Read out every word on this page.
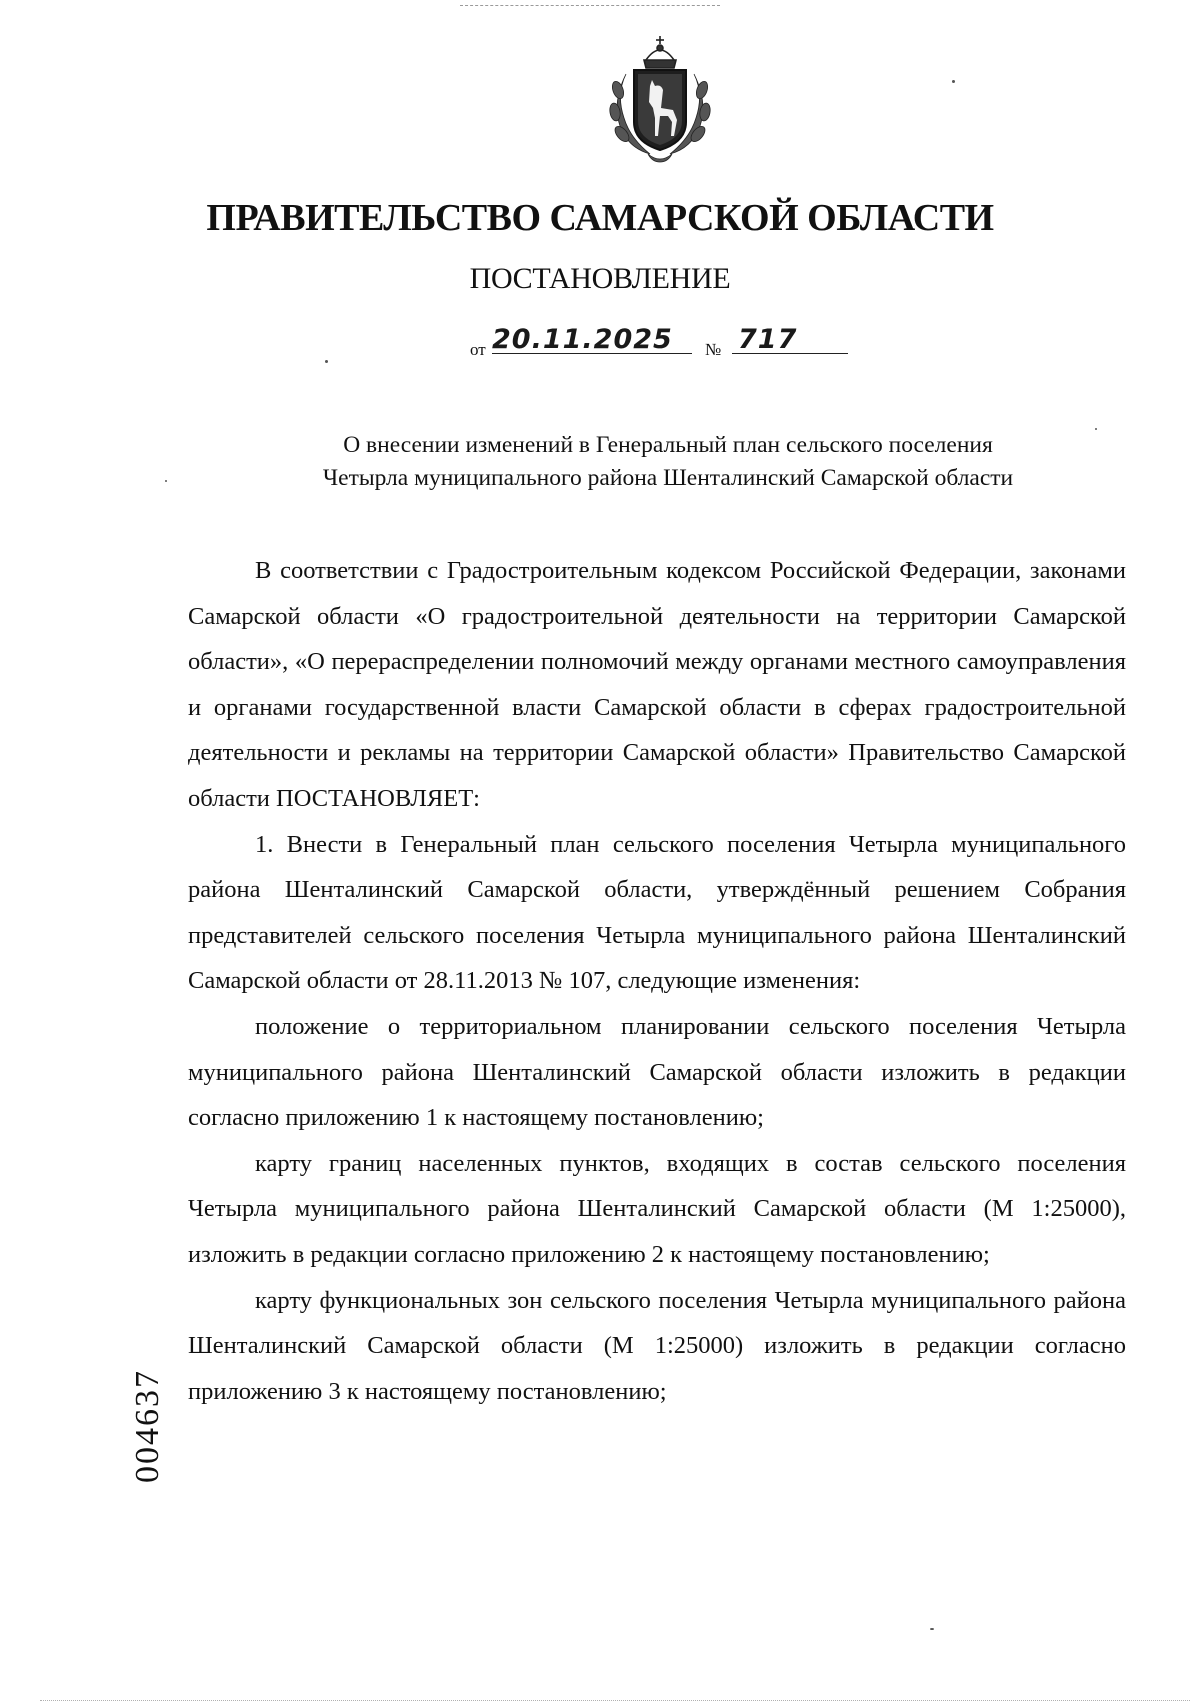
ПРАВИТЕЛЬСТВО САМАРСКОЙ ОБЛАСТИ
ПОСТАНОВЛЕНИЕ
от 20.11.2025	№ 717
О внесении изменений в Генеральный план сельского поселения
Четырла муниципального района Шенталинский Самарской области

В соответствии с Градостроительным кодексом Российской Федерации, законами Самарской области «О градостроительной деятельности на территории Самарской области», «О перераспределении полномочий между органами местного самоуправления и органами государственной власти Самарской области в сферах градостроительной деятельности и рекламы на территории Самарской области» Правительство Самарской области ПОСТАНОВЛЯЕТ:

1. Внести в Генеральный план сельского поселения Четырла муниципального района Шенталинский Самарской области, утверждённый решением Собрания представителей сельского поселения Четырла муниципального района Шенталинский Самарской области от 28.11.2013 № 107, следующие изменения:

положение о территориальном планировании сельского поселения Четырла муниципального района Шенталинский Самарской области изложить в редакции согласно приложению 1 к настоящему постановлению;

карту границ населенных пунктов, входящих в состав сельского поселения Четырла муниципального района Шенталинский Самарской области (М 1:25000), изложить в редакции согласно приложению 2 к настоящему постановлению;

карту функциональных зон сельского поселения Четырла муниципального района Шенталинский Самарской области (М 1:25000) изложить в редакции согласно приложению 3 к настоящему постановлению;

004637
